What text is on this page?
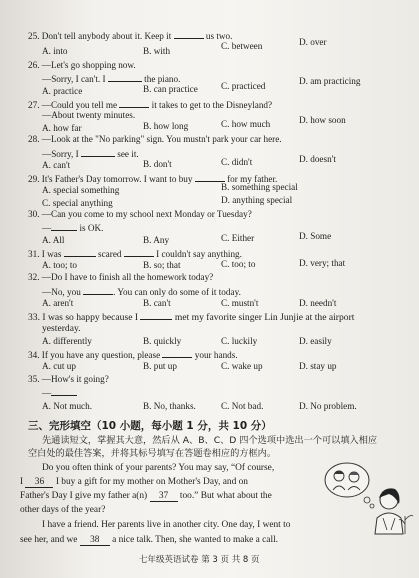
25. Don't tell anybody about it. Keep it	us two.
A. into	B. with	C. between	D. over
26. —Let's go shopping now.
—Sorry, I can't. I	the piano.
A. practice	B. can practice	C. practiced	D. am practicing
27. —Could you tell me	it takes to get to the Disneyland?
—About twenty minutes.
A. how far	B. how long	C. how much	D. how soon
28. —Look at the "No parking" sign. You mustn't park your car here.
—Sorry, I	see it.
A. can't	B. don't	C. didn't	D. doesn't
29. It's Father's Day tomorrow. I want to buy	for my father.
A. special something	B. something special
C. special anything	D. anything special
30. —Can you come to my school next Monday or Tuesday?
—	is OK.
A. All	B. Any	C. Either	D. Some
31. I was	scared	I couldn't say anything.
A. too; to	B. so; that	C. too; to	D. very; that
32. —Do I have to finish all the homework today?
—No, you	. You can only do some of it today.
A. aren't	B. can't	C. mustn't	D. needn't
33. I was so happy because I	met my favorite singer Lin Junjie at the airport
yesterday.
A. differently	B. quickly	C. luckily	D. easily
34. If you have any question, please	your hands.
A. cut up	B. put up	C. wake up	D. stay up
35. —How's it going?
—
A. Not much.	B. No, thanks.	C. Not bad.	D. No problem.
三、完形填空（10 小题，每小题 1 分，共 10 分）
先通读短文，掌握其大意，然后从 A、B、C、D 四个选项中选出一个可以填入相应
空白处的最佳答案，并将其标号填写在答题卷相应的方框内。
Do you often think of your parents? You may say, “Of course,
I 36 I buy a gift for my mother on Mother's Day, and on
Father's Day I give my father a(n) 37 too.” But what about the
other days of the year?
I have a friend. Her parents live in another city. One day, I went to
see her, and we 38 a nice talk. Then, she wanted to make a call.
七年级英语试卷 第 3 页 共 8 页
